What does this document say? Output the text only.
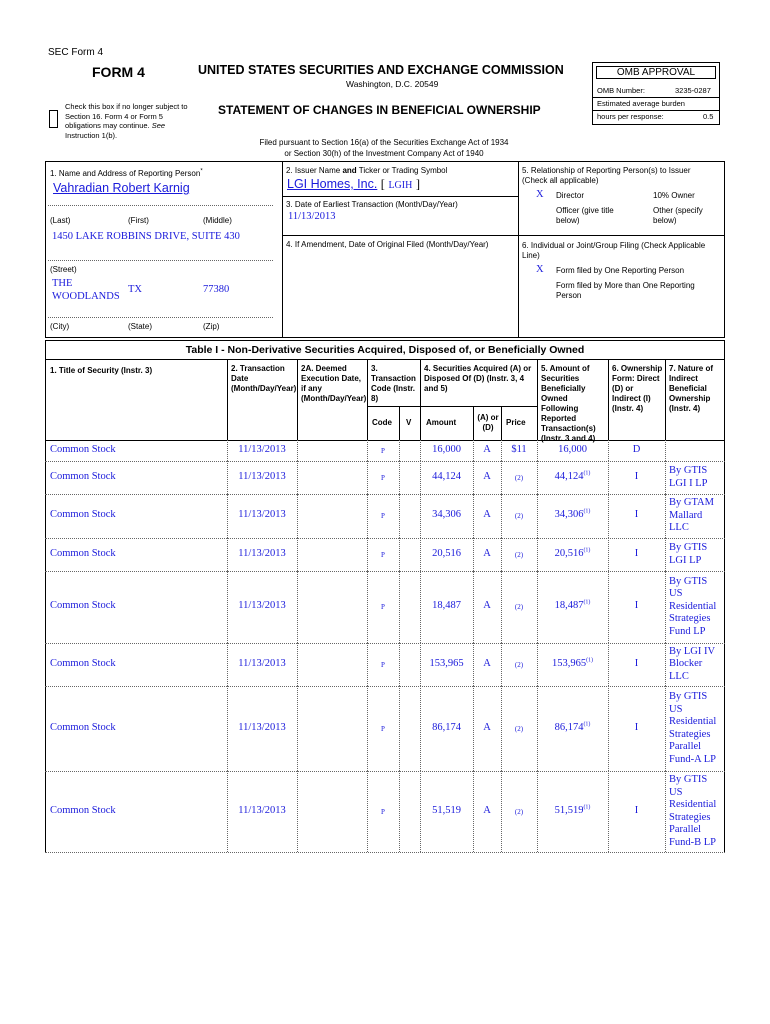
SEC Form 4
FORM 4	UNITED STATES SECURITIES AND EXCHANGE COMMISSION
Washington, D.C. 20549
STATEMENT OF CHANGES IN BENEFICIAL OWNERSHIP
Check this box if no longer subject to Section 16. Form 4 or Form 5 obligations may continue. See Instruction 1(b).
OMB APPROVAL
OMB Number:	3235-0287
Estimated average burden
hours per response:	0.5
Filed pursuant to Section 16(a) of the Securities Exchange Act of 1934
or Section 30(h) of the Investment Company Act of 1940
1. Name and Address of Reporting Person*
Vahradian Robert Karnig
(Last)	(First)	(Middle)
1450 LAKE ROBBINS DRIVE, SUITE 430
(Street)
THE
WOODLANDS
TX	77380
(City)	(State)	(Zip)
2. Issuer Name and Ticker or Trading Symbol
LGI Homes, Inc. [ LGIH ]
3. Date of Earliest Transaction (Month/Day/Year)
11/13/2013
4. If Amendment, Date of Original Filed (Month/Day/Year)
5. Relationship of Reporting Person(s) to Issuer
(Check all applicable)
X Director	10% Owner
Officer (give title
below)
Other (specify
below)
6. Individual or Joint/Group Filing (Check Applicable
Line)
X Form filed by One Reporting Person
Form filed by More than One Reporting
Person
Table I - Non-Derivative Securities Acquired, Disposed of, or Beneficially Owned
1. Title of Security (Instr. 3)	2. Transaction
Date
(Month/Day/Year)
2A. Deemed
Execution Date,
if any
(Month/Day/Year)
3.
Transaction
Code (Instr.
8)
4. Securities Acquired (A) or
Disposed Of (D) (Instr. 3, 4
and 5)
5. Amount of
Securities
Beneficially
Owned
Following
Reported
Transaction(s)
(Instr. 3 and 4)
6. Ownership
Form: Direct
(D) or
Indirect (I)
(Instr. 4)
7. Nature of
Indirect
Beneficial
Ownership
(Instr. 4)
Code V Amount
(A) or
(D)
Price
Common Stock	11/13/2013	P	16,000	A	$11	16,000	D
Common Stock	11/13/2013	P	44,124	A	(2)	44,124$^{(1)}$	I	By GTIS
LGI I LP
Common Stock	11/13/2013	P	34,306	A	(2)	34,306$^{(1)}$	I
By GTAM
Mallard
LLC
Common Stock	11/13/2013	P	20,516	A	(2)	20,516$^{(1)}$	I	By GTIS
LGI LP
Common Stock	11/13/2013	P	18,487	A	(2)	18,487$^{(1)}$	I
By GTIS
US
Residential
Strategies
Fund LP
Common Stock	11/13/2013	P	153,965	A	(2)	153,965$^{(1)}$	I
By LGI IV
Blocker
LLC
Common Stock	11/13/2013	P	86,174	A	(2)	86,174$^{(1)}$	I
By GTIS
US
Residential
Strategies
Parallel
Fund-A LP
Common Stock	11/13/2013	P	51,519	A	(2)	51,519$^{(1)}$	I
By GTIS
US
Residential
Strategies
Parallel
Fund-B LP
